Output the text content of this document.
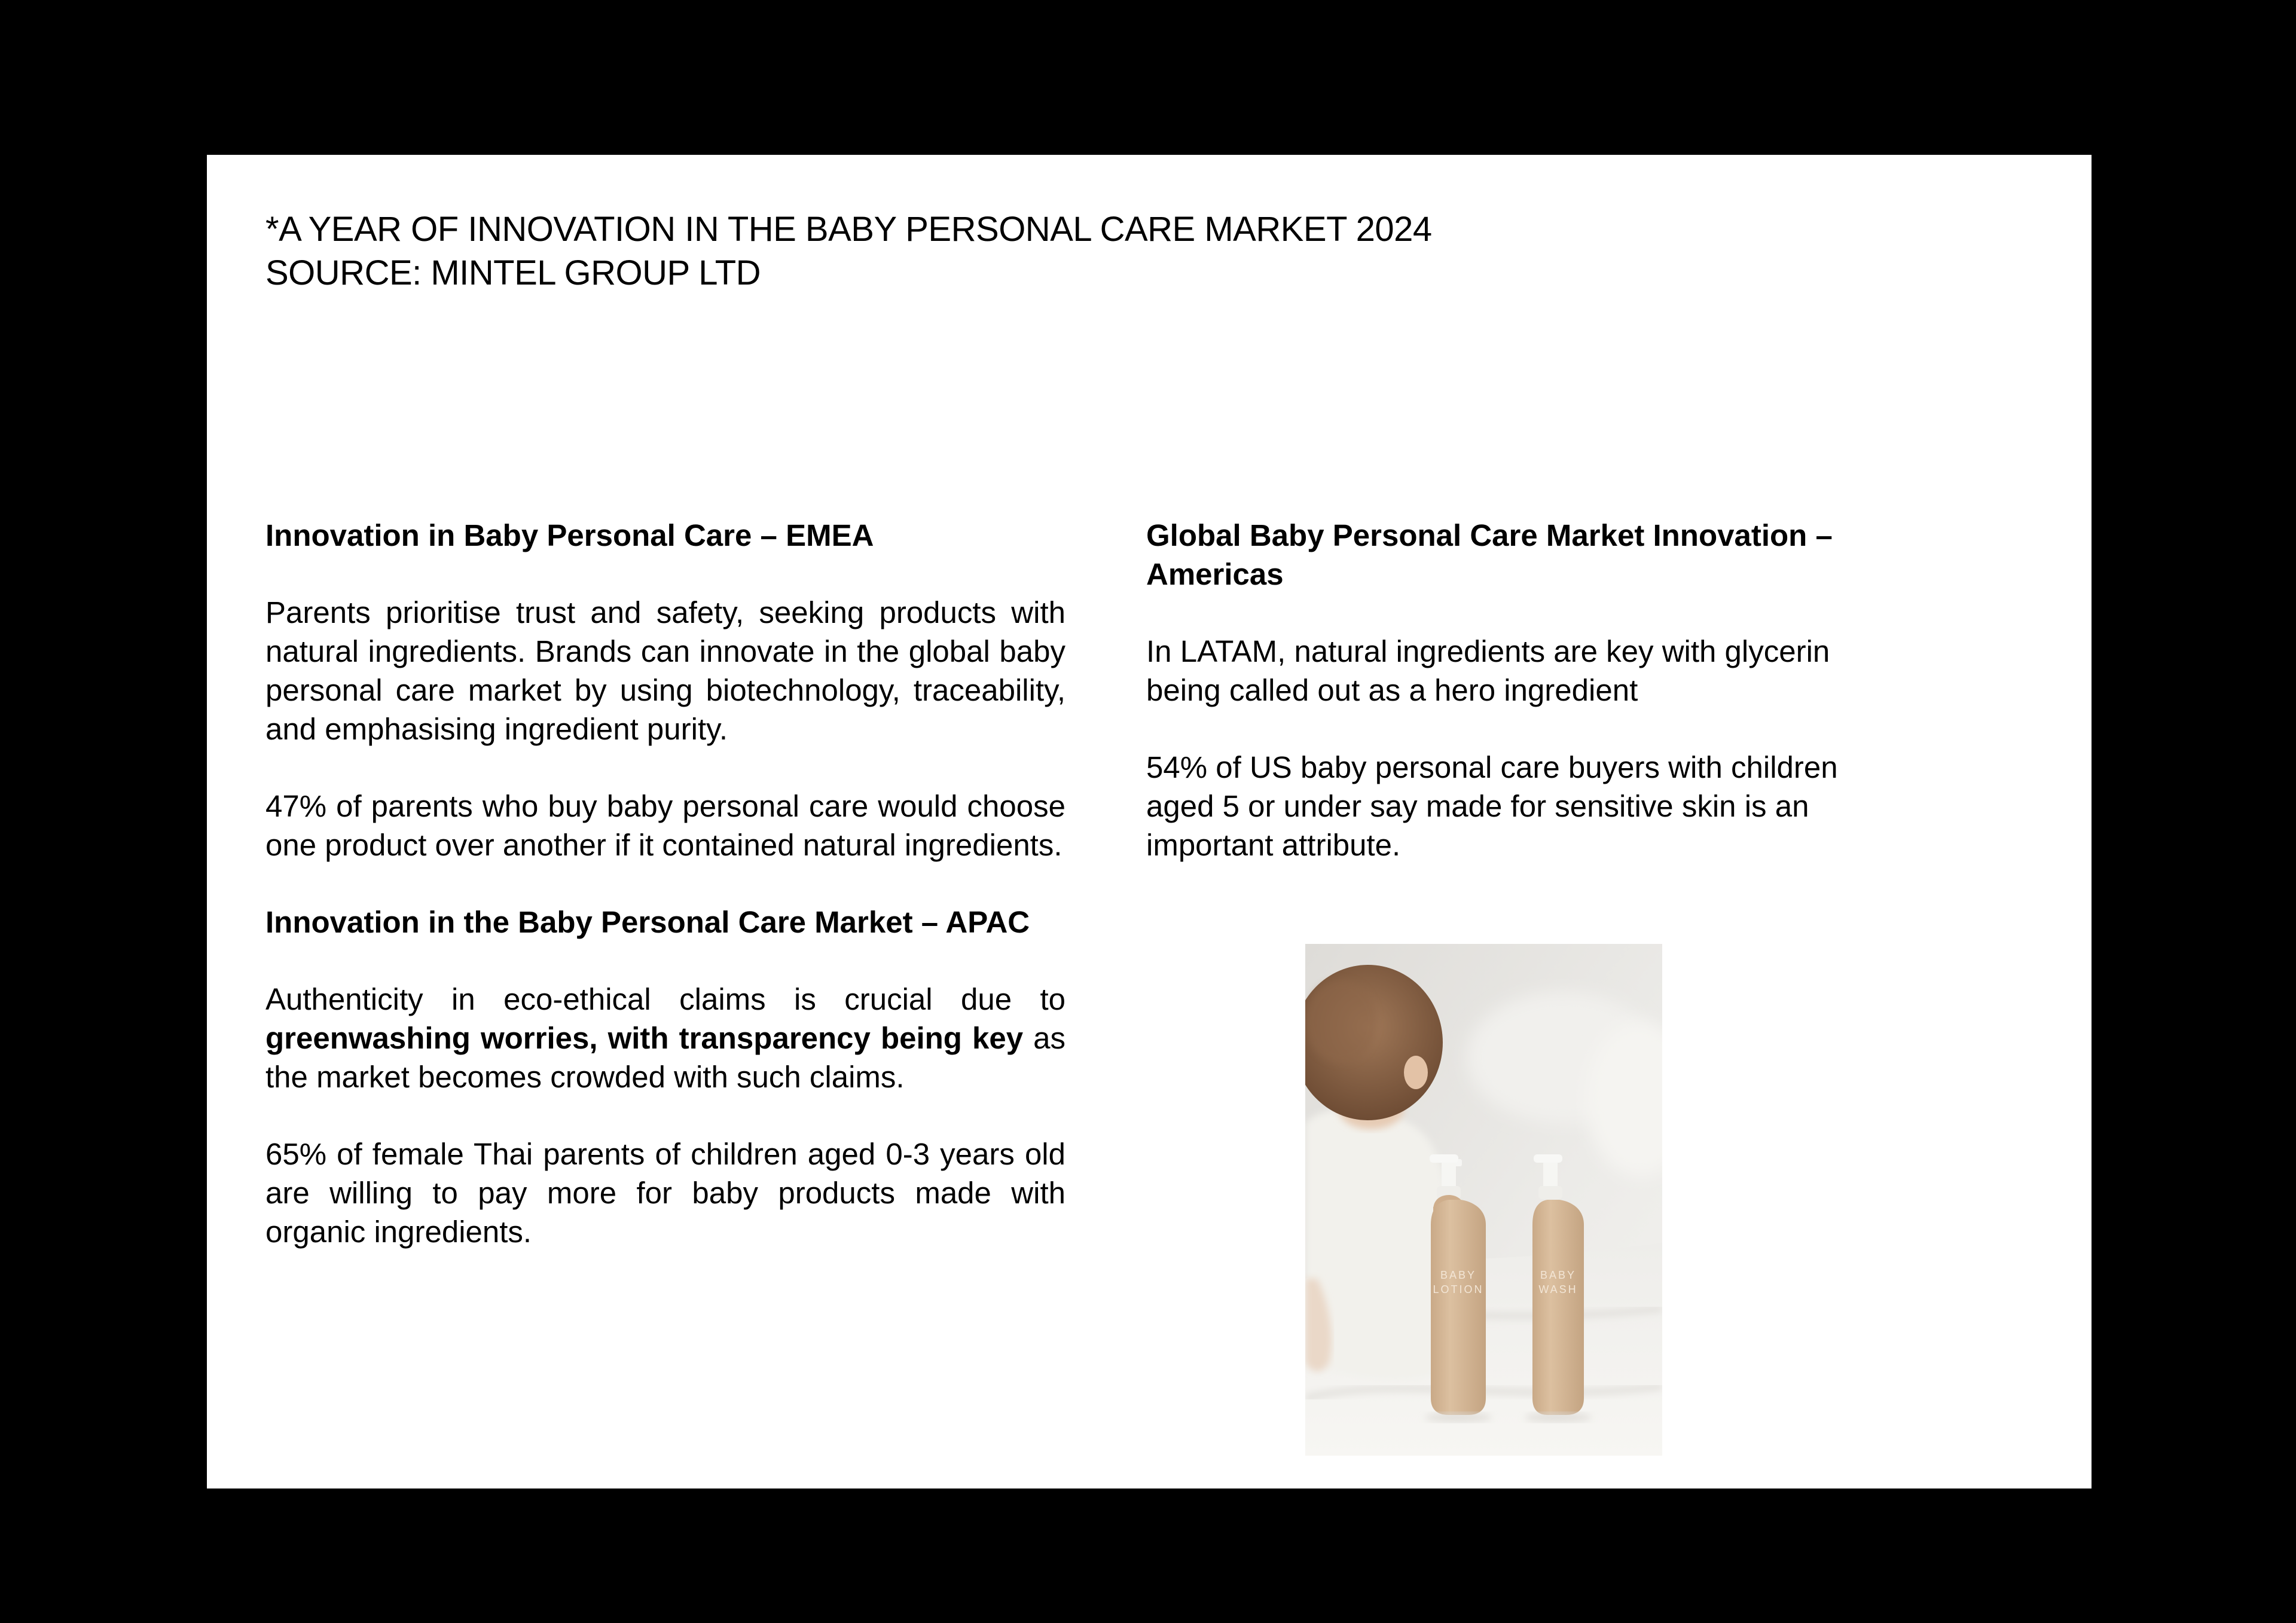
*A YEAR OF INNOVATION IN THE BABY PERSONAL CARE MARKET 2024
SOURCE: MINTEL GROUP LTD
Innovation in Baby Personal Care – EMEA

Parents prioritise trust and safety, seeking products with natural ingredients. Brands can innovate in the global baby personal care market by using biotechnology, traceability, and emphasising ingredient purity.

47% of parents who buy baby personal care would choose one product over another if it contained natural ingredients.

Innovation in the Baby Personal Care Market – APAC

Authenticity in eco-ethical claims is crucial due to greenwashing worries, with transparency being key as the market becomes crowded with such claims.

65% of female Thai parents of children aged 0-3 years old are willing to pay more for baby products made with organic ingredients.

Global Baby Personal Care Market Innovation – Americas

In LATAM, natural ingredients are key with glycerin being called out as a hero ingredient

54% of US baby personal care buyers with children aged 5 or under say made for sensitive skin is an important attribute.

BABY
LOTION
BABY
WASH
